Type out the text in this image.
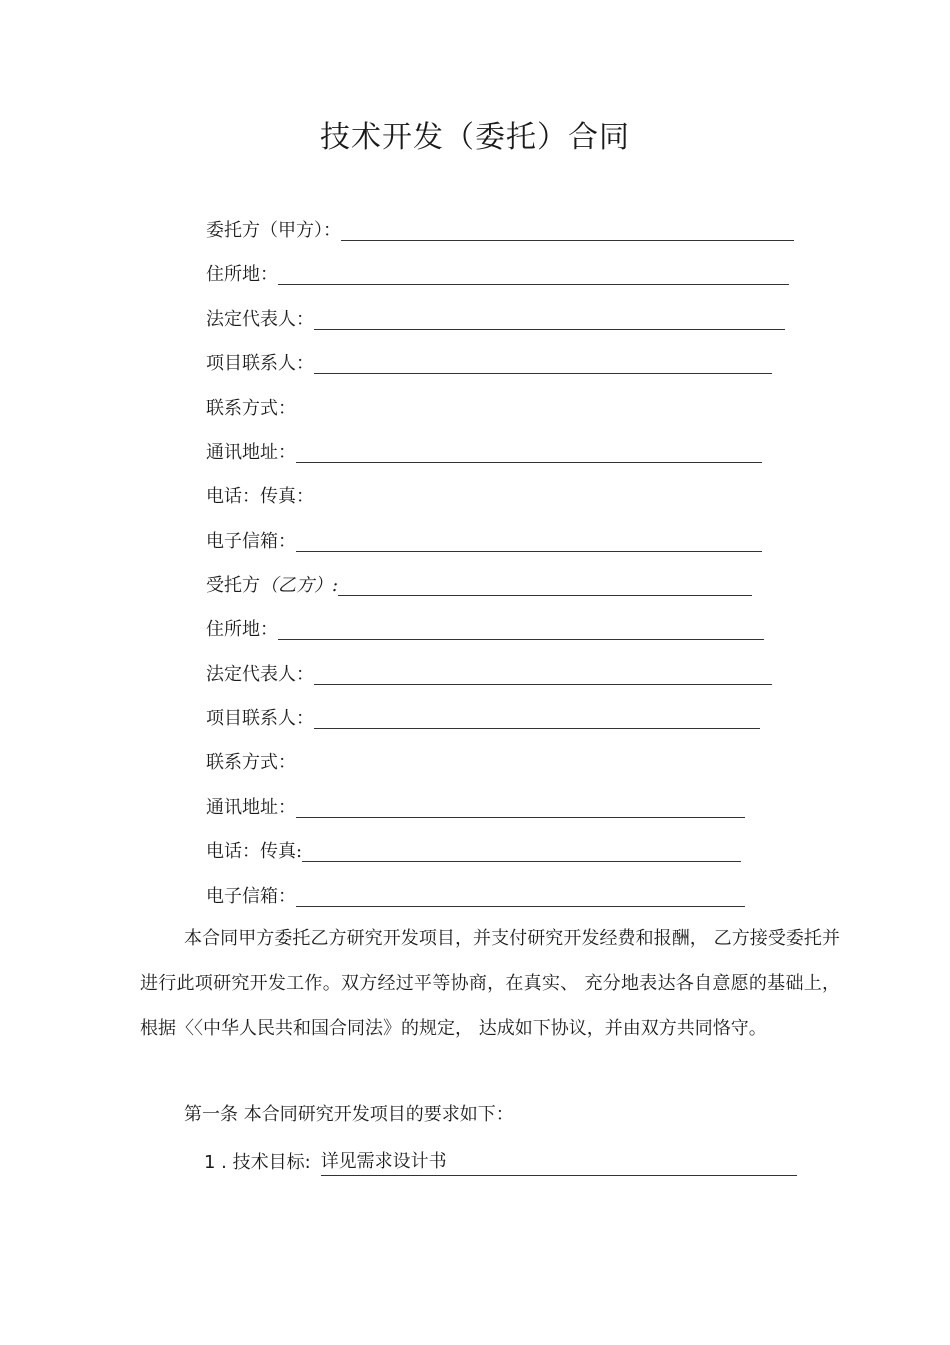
技术开发（委托）合同
委托方（甲方）：
住所地：
法定代表人：
项目联系人：
联系方式：
通讯地址：
电话：传真：
电子信箱：
受托方 （乙方）:
住所地：
法定代表人：
项目联系人：
联系方式：
通讯地址：
电话：传真:
电子信箱：
本合同甲方委托乙方研究开发项目，并支付研究开发经费和报酬， 乙方接受委托并进行此项研究开发工作。双方经过平等协商，在真实、 充分地表达各自意愿的基础上，根据〈〈中华人民共和国合同法》的规定， 达成如下协议，并由双方共同恪守。
第一条 本合同研究开发项目的要求如下：
1 . 技术目标: 详见需求设计书
